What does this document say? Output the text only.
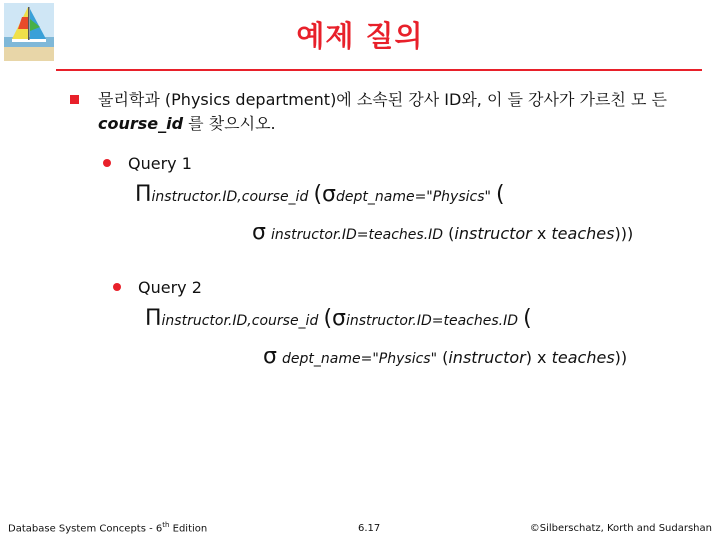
예제 질의
물리학과 (Physics department)에 소속된 강사 ID와, 이 들 강사가 가르친 모 든 course_id 를 찾으시오.
Query 1
Πinstructor.ID,course_id (σdept_name="Physics" (
σ instructor.ID=teaches.ID (instructor x teaches)))
Query 2
Πinstructor.ID,course_id (σinstructor.ID=teaches.ID (
σ dept_name="Physics" (instructor) x teaches))
Database System Concepts - 6th Edition	6.17	©Silberschatz, Korth and Sudarshan
